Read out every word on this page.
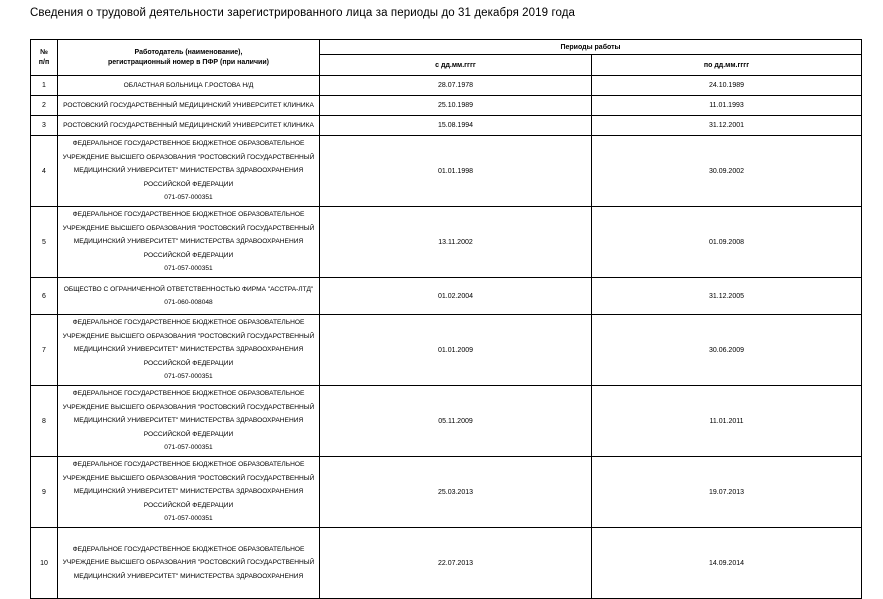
Сведения о трудовой деятельности зарегистрированного лица за периоды до 31 декабря 2019 года
№
п/п

Работодатель (наименование),
регистрационный номер в ПФР (при наличии)
	Периоды работы
		с дд.мм.гггг	по дд.мм.гггг
1	ОБЛАСТНАЯ БОЛЬНИЦА Г.РОСТОВА Н/Д	28.07.1978	24.10.1989
2	РОСТОВСКИЙ ГОСУДАРСТВЕННЫЙ МЕДИЦИНСКИЙ УНИВЕРСИТЕТ КЛИНИКА	25.10.1989	11.01.1993
3	РОСТОВСКИЙ ГОСУДАРСТВЕННЫЙ МЕДИЦИНСКИЙ УНИВЕРСИТЕТ КЛИНИКА	15.08.1994	31.12.2001
4	ФЕДЕРАЛЬНОЕ ГОСУДАРСТВЕННОЕ БЮДЖЕТНОЕ ОБРАЗОВАТЕЛЬНОЕ
УЧРЕЖДЕНИЕ ВЫСШЕГО ОБРАЗОВАНИЯ "РОСТОВСКИЙ ГОСУДАРСТВЕННЫЙ
МЕДИЦИНСКИЙ УНИВЕРСИТЕТ" МИНИСТЕРСТВА ЗДРАВООХРАНЕНИЯ
РОССИЙСКОЙ ФЕДЕРАЦИИ
071-057-000351	01.01.1998	30.09.2002
5	ФЕДЕРАЛЬНОЕ ГОСУДАРСТВЕННОЕ БЮДЖЕТНОЕ ОБРАЗОВАТЕЛЬНОЕ
УЧРЕЖДЕНИЕ ВЫСШЕГО ОБРАЗОВАНИЯ "РОСТОВСКИЙ ГОСУДАРСТВЕННЫЙ
МЕДИЦИНСКИЙ УНИВЕРСИТЕТ" МИНИСТЕРСТВА ЗДРАВООХРАНЕНИЯ
РОССИЙСКОЙ ФЕДЕРАЦИИ
071-057-000351	13.11.2002	01.09.2008
6	ОБЩЕСТВО С ОГРАНИЧЕННОЙ ОТВЕТСТВЕННОСТЬЮ ФИРМА "АССТРА-ЛТД"
071-060-008048	01.02.2004	31.12.2005
7	ФЕДЕРАЛЬНОЕ ГОСУДАРСТВЕННОЕ БЮДЖЕТНОЕ ОБРАЗОВАТЕЛЬНОЕ
УЧРЕЖДЕНИЕ ВЫСШЕГО ОБРАЗОВАНИЯ "РОСТОВСКИЙ ГОСУДАРСТВЕННЫЙ
МЕДИЦИНСКИЙ УНИВЕРСИТЕТ" МИНИСТЕРСТВА ЗДРАВООХРАНЕНИЯ
РОССИЙСКОЙ ФЕДЕРАЦИИ
071-057-000351	01.01.2009	30.06.2009
8	ФЕДЕРАЛЬНОЕ ГОСУДАРСТВЕННОЕ БЮДЖЕТНОЕ ОБРАЗОВАТЕЛЬНОЕ
УЧРЕЖДЕНИЕ ВЫСШЕГО ОБРАЗОВАНИЯ "РОСТОВСКИЙ ГОСУДАРСТВЕННЫЙ
МЕДИЦИНСКИЙ УНИВЕРСИТЕТ" МИНИСТЕРСТВА ЗДРАВООХРАНЕНИЯ
РОССИЙСКОЙ ФЕДЕРАЦИИ
071-057-000351	05.11.2009	11.01.2011
9	ФЕДЕРАЛЬНОЕ ГОСУДАРСТВЕННОЕ БЮДЖЕТНОЕ ОБРАЗОВАТЕЛЬНОЕ
УЧРЕЖДЕНИЕ ВЫСШЕГО ОБРАЗОВАНИЯ "РОСТОВСКИЙ ГОСУДАРСТВЕННЫЙ
МЕДИЦИНСКИЙ УНИВЕРСИТЕТ" МИНИСТЕРСТВА ЗДРАВООХРАНЕНИЯ
РОССИЙСКОЙ ФЕДЕРАЦИИ
071-057-000351	25.03.2013	19.07.2013
10	ФЕДЕРАЛЬНОЕ ГОСУДАРСТВЕННОЕ БЮДЖЕТНОЕ ОБРАЗОВАТЕЛЬНОЕ
УЧРЕЖДЕНИЕ ВЫСШЕГО ОБРАЗОВАНИЯ "РОСТОВСКИЙ ГОСУДАРСТВЕННЫЙ
МЕДИЦИНСКИЙ УНИВЕРСИТЕТ" МИНИСТЕРСТВА ЗДРАВООХРАНЕНИЯ	22.07.2013	14.09.2014
